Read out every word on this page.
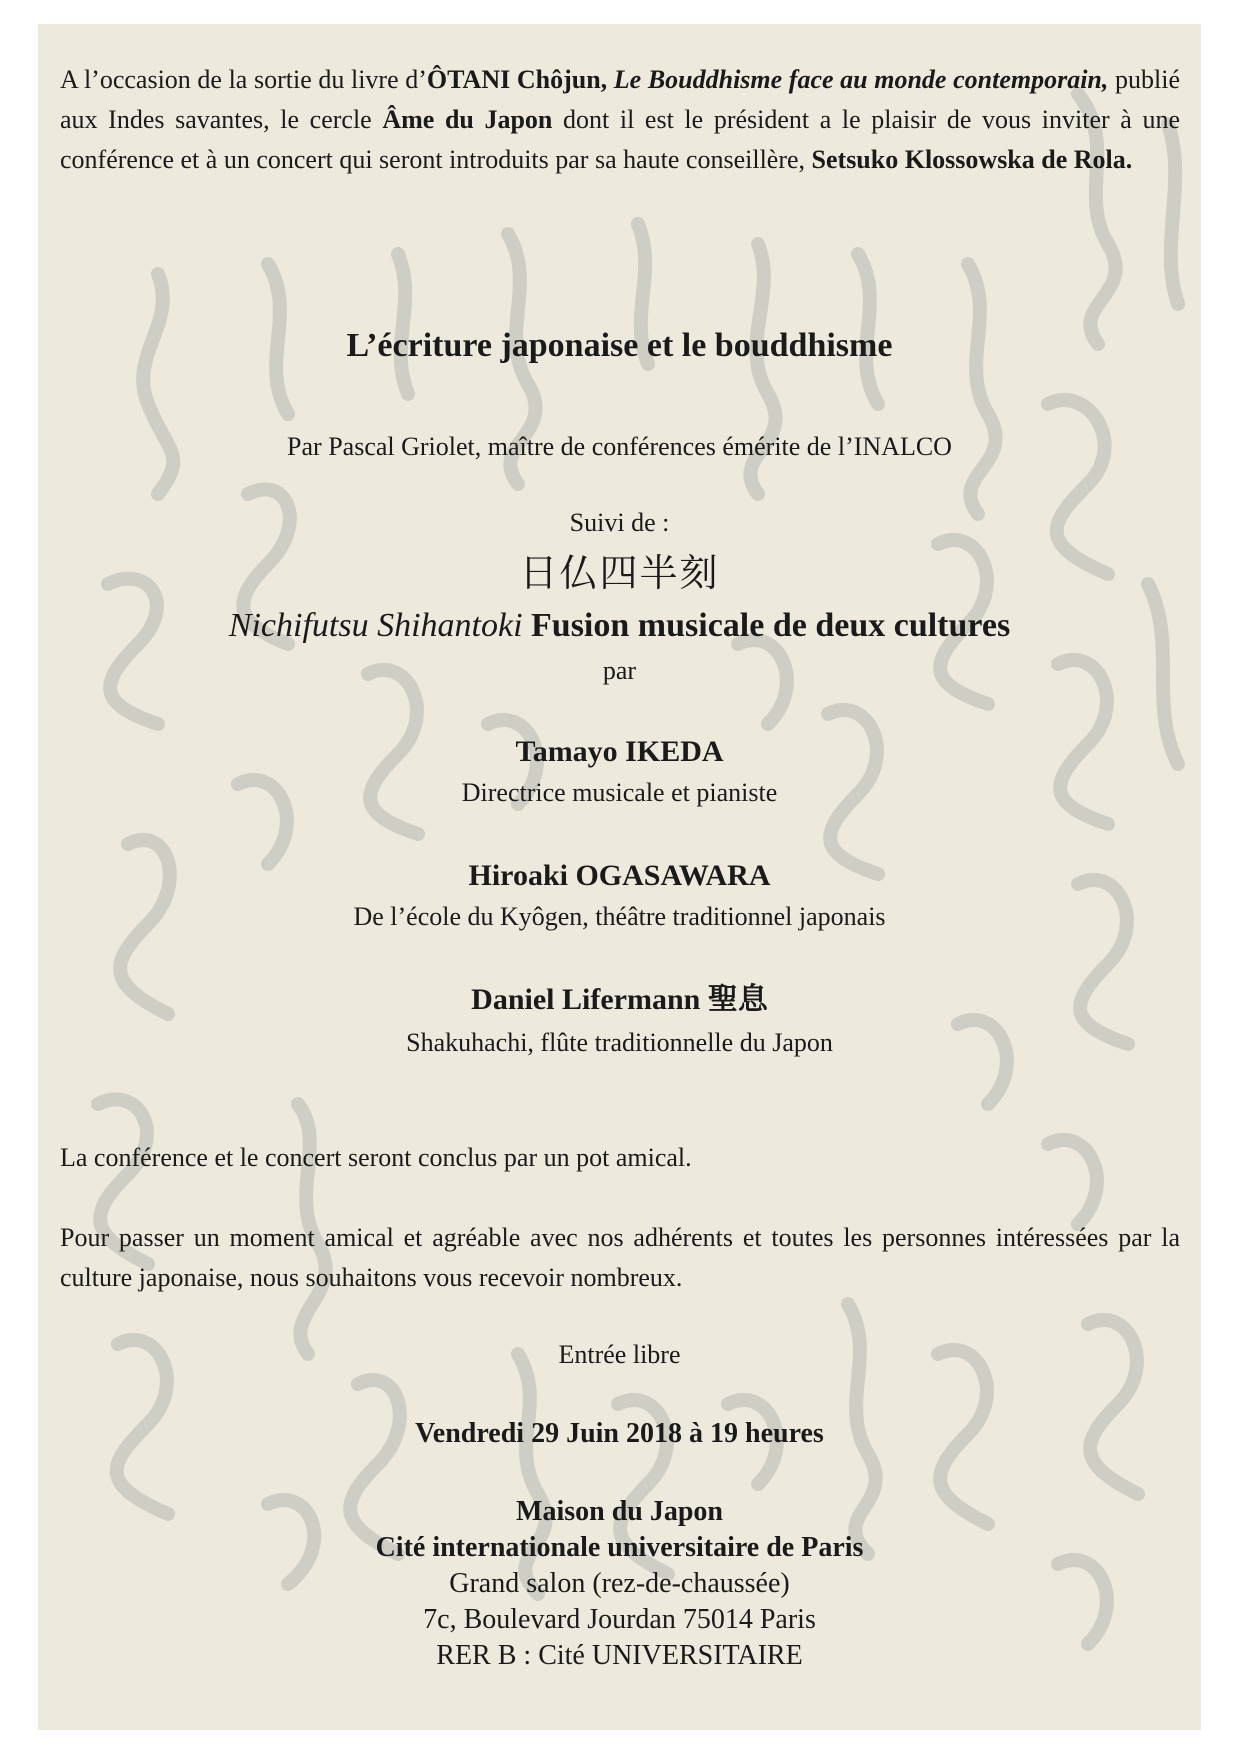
A l’occasion de la sortie du livre d’ÔTANI Chôjun, Le Bouddhisme face au monde contemporain, publié aux Indes savantes, le cercle Âme du Japon dont il est le président a le plaisir de vous inviter à une conférence et à un concert qui seront introduits par sa haute conseillère, Setsuko Klossowska de Rola.

L’écriture japonaise et le bouddhisme

Par Pascal Griolet, maître de conférences émérite de l’INALCO

Suivi de :

日仏四半刻

Nichifutsu Shihantoki Fusion musicale de deux cultures

par

Tamayo IKEDA

Directrice musicale et pianiste

Hiroaki OGASAWARA

De l’école du Kyôgen, théâtre traditionnel japonais

Daniel Lifermann 聖息

Shakuhachi, flûte traditionnelle du Japon

La conférence et le concert seront conclus par un pot amical.

Pour passer un moment amical et agréable avec nos adhérents et toutes les personnes intéressées par la culture japonaise, nous souhaitons vous recevoir nombreux.

Entrée libre

Vendredi 29 Juin 2018 à 19 heures

Maison du Japon

Cité internationale universitaire de Paris

Grand salon (rez-de-chaussée)

7c, Boulevard Jourdan 75014 Paris

RER B : Cité UNIVERSITAIRE
